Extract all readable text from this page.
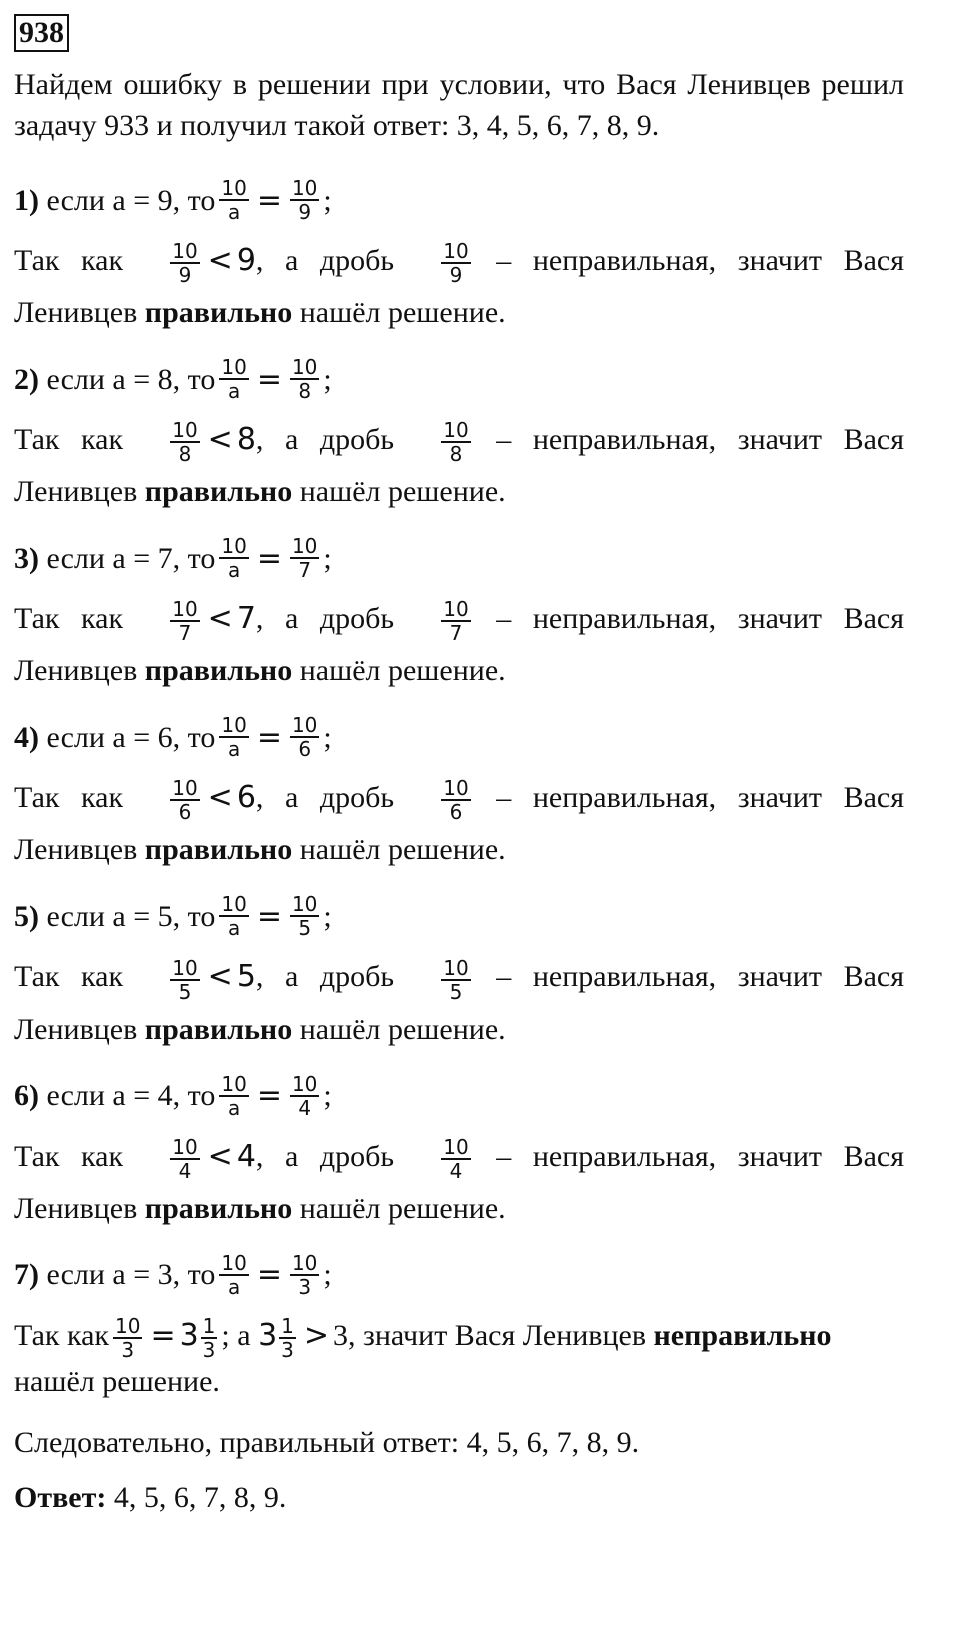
938

Найдем ошибку в решении при условии, что Вася Ленивцев решил задачу 933 и получил такой ответ: 3, 4, 5, 6, 7, 8, 9.

1)
если а = 9, то $\frac{10}{a} = \frac{10}{9}$ ;

Так как $\frac{10}{9} < 9$, а дробь $\frac{10}{9}$ – неправильная, значит Вася

Ленивцев правильно нашёл решение.

2)
если а = 8, то $\frac{10}{a} = \frac{10}{8}$ ;

Так как $\frac{10}{8} < 8$, а дробь $\frac{10}{8}$ – неправильная, значит Вася

Ленивцев правильно нашёл решение.

3)
если а = 7, то $\frac{10}{a} = \frac{10}{7}$ ;

Так как $\frac{10}{7} < 7$, а дробь $\frac{10}{7}$ – неправильная, значит Вася

Ленивцев правильно нашёл решение.

4)
если а = 6, то $\frac{10}{a} = \frac{10}{6}$ ;

Так как $\frac{10}{6} < 6$, а дробь $\frac{10}{6}$ – неправильная, значит Вася

Ленивцев правильно нашёл решение.

5)
если а = 5, то $\frac{10}{a} = \frac{10}{5}$ ;

Так как $\frac{10}{5} < 5$, а дробь $\frac{10}{5}$ – неправильная, значит Вася

Ленивцев правильно нашёл решение.

6)
если а = 4, то $\frac{10}{a} = \frac{10}{4}$ ;

Так как $\frac{10}{4} < 4$, а дробь $\frac{10}{4}$ – неправильная, значит Вася

Ленивцев правильно нашёл решение.

7)
если а = 3, то $\frac{10}{a} = \frac{10}{3}$ ;

Так как $\frac{10}{3} = 3 \frac{1}{3}$ ; а $3 \frac{1}{3} > 3$, значит Вася Ленивцев неправильно
нашёл решение.

Следовательно, правильный ответ: 4, 5, 6, 7, 8, 9.

Ответ: 4, 5, 6, 7, 8, 9.
